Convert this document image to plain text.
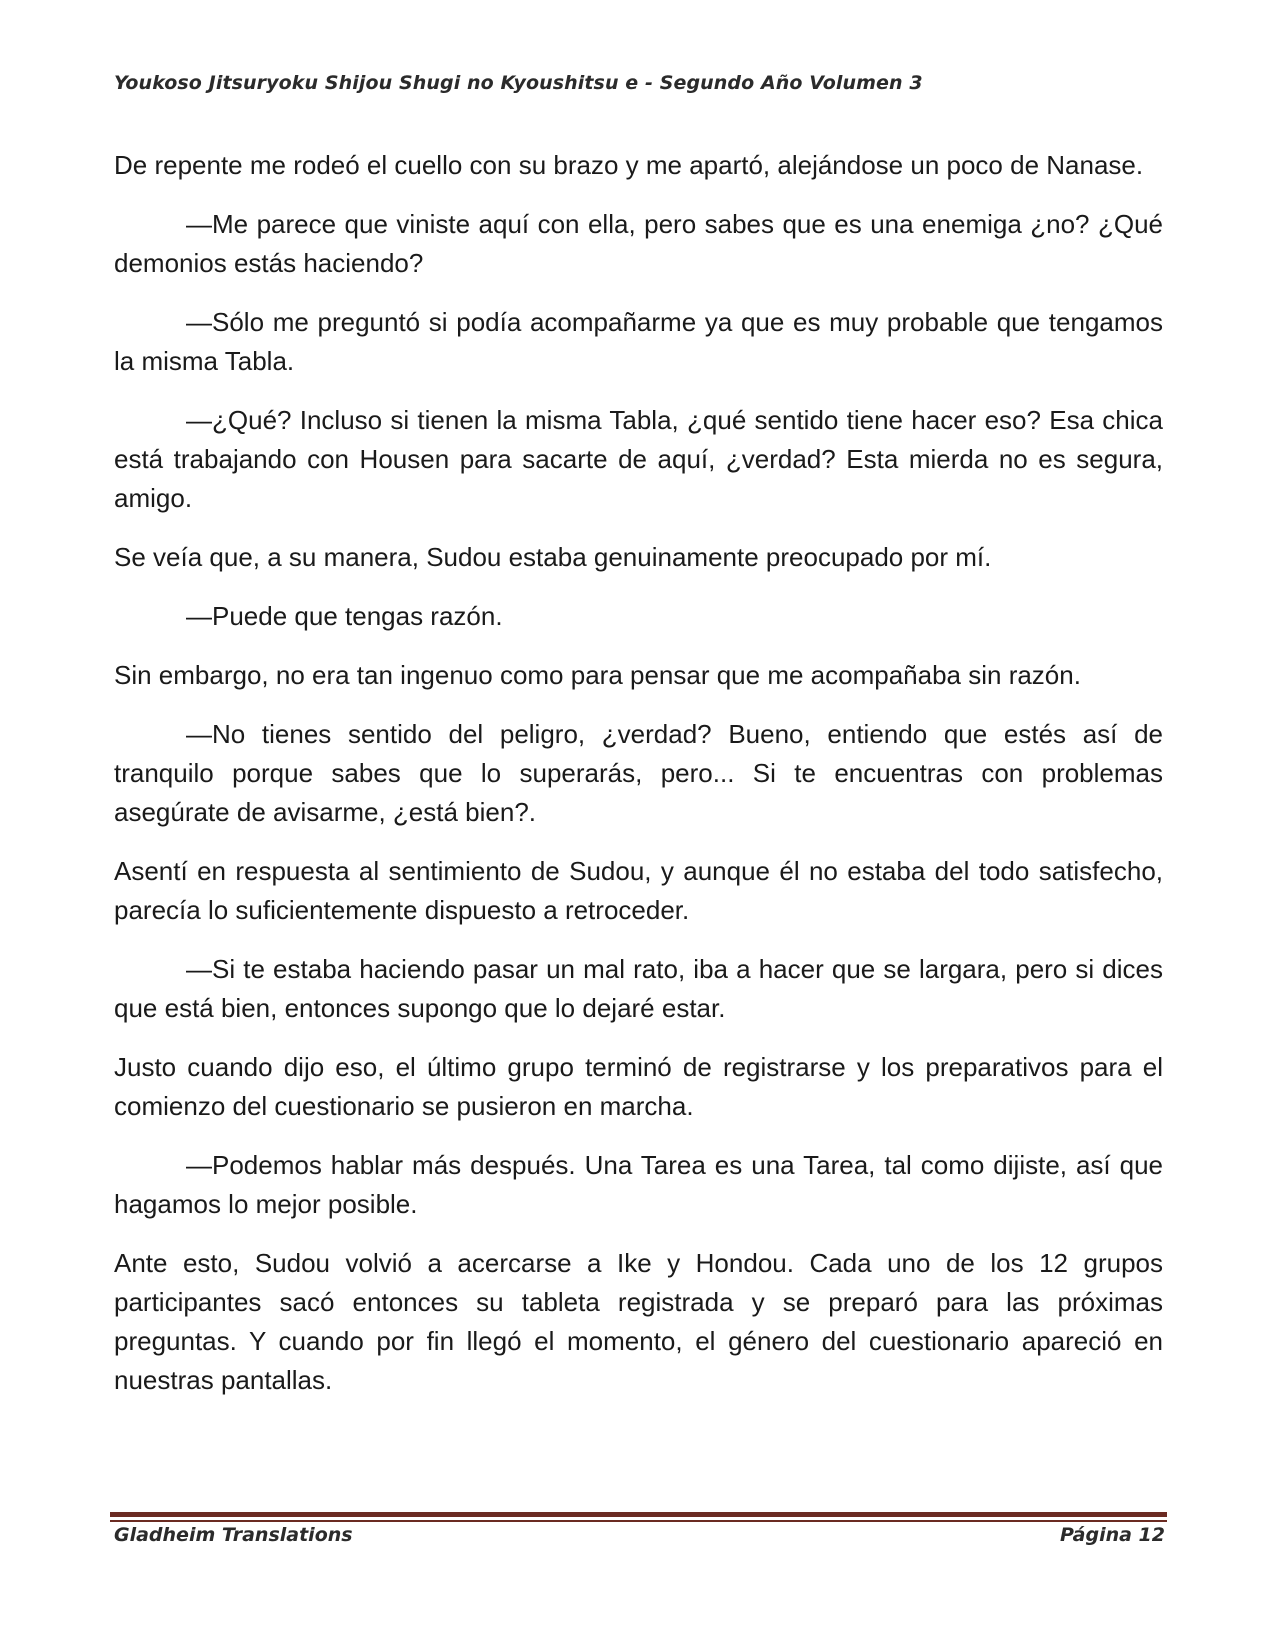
Youkoso Jitsuryoku Shijou Shugi no Kyoushitsu e - Segundo Año Volumen 3

De repente me rodeó el cuello con su brazo y me apartó, alejándose un poco de Nanase.

—Me parece que viniste aquí con ella, pero sabes que es una enemiga ¿no? ¿Qué demonios estás haciendo?

—Sólo me preguntó si podía acompañarme ya que es muy probable que tengamos la misma Tabla.

—¿Qué? Incluso si tienen la misma Tabla, ¿qué sentido tiene hacer eso? Esa chica está trabajando con Housen para sacarte de aquí, ¿verdad? Esta mierda no es segura, amigo.

Se veía que, a su manera, Sudou estaba genuinamente preocupado por mí.

—Puede que tengas razón.

Sin embargo, no era tan ingenuo como para pensar que me acompañaba sin razón.

—No tienes sentido del peligro, ¿verdad? Bueno, entiendo que estés así de tranquilo porque sabes que lo superarás, pero... Si te encuentras con problemas asegúrate de avisarme, ¿está bien?.

Asentí en respuesta al sentimiento de Sudou, y aunque él no estaba del todo satisfecho, parecía lo suficientemente dispuesto a retroceder.

—Si te estaba haciendo pasar un mal rato, iba a hacer que se largara, pero si dices que está bien, entonces supongo que lo dejaré estar.

Justo cuando dijo eso, el último grupo terminó de registrarse y los preparativos para el comienzo del cuestionario se pusieron en marcha.

—Podemos hablar más después. Una Tarea es una Tarea, tal como dijiste, así que hagamos lo mejor posible.

Ante esto, Sudou volvió a acercarse a Ike y Hondou. Cada uno de los 12 grupos participantes sacó entonces su tableta registrada y se preparó para las próximas preguntas. Y cuando por fin llegó el momento, el género del cuestionario apareció en nuestras pantallas.

Gladheim Translations	Página 12
